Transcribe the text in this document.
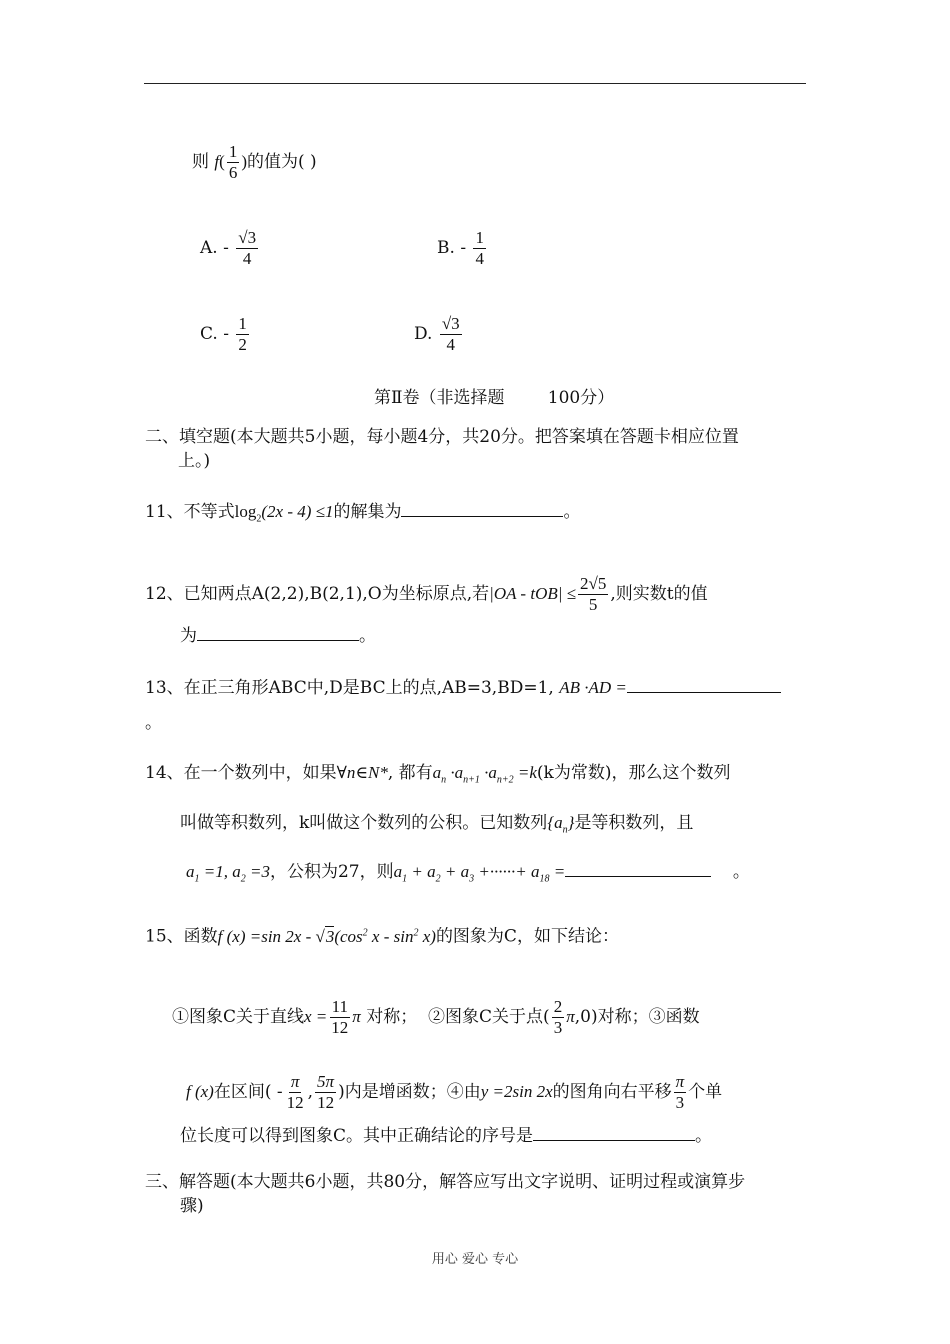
则 $f( \frac{1}{6}$ )的值为( )
A. - $\frac{√3}{4}$	B. - $\frac{1}{4}$
C. - $\frac{1}{2}$	D. $\frac{√3}{4}$
第Ⅱ卷（非选择题        100分）
二、填空题(本大题共5小题，每小题4分，共20分。把答案填在答题卡相应位置
上。)
11、不等式$\log_2(2x - 4) \le 1$的解集为	。
12、已知两点A(2,2),B(2,1),O为坐标原点,若$|OA - tOB| \le \frac{2√5}{5}$ ,则实数t的值
为	。
13、在正三角形ABC中,D是BC上的点,AB=3,BD=1, AB ·AD =
。
14、在一个数列中，如果∀n∈N*, 都有$a_n \cdot a_{n+1} \cdot a_{n+2} =k(k$为常数)，那么这个数列
叫做等积数列，k叫做这个数列的公积。已知数列$\{a_n\}$是等积数列，且
$a_1 =1$, $a_2 =3$，公积为27，则$a_1 + a_2 + a_3$ +······+ $a_{18}$ =	。
15、函数f (x) =sin $2x - √3(\cos^2$ x - $\sin^2 x$)的图象为C，如下结论：
①图象C关于直线$x = \frac{11}{12}$ π 对称； ②图象C关于点( $\frac{2}{3} \pi,0$)对称；③函数
f (x)在区间( - $\frac{\pi}{12}$ , $\frac{5\pi}{12}$ )内是增函数；④由y =2sin 2x的图角向右平移 $\frac{\pi}{3}$ 个单
位长度可以得到图象C。其中正确结论的序号是	。
三、解答题(本大题共6小题，共80分，解答应写出文字说明、证明过程或演算步
骤)
用心 爱心 专心
